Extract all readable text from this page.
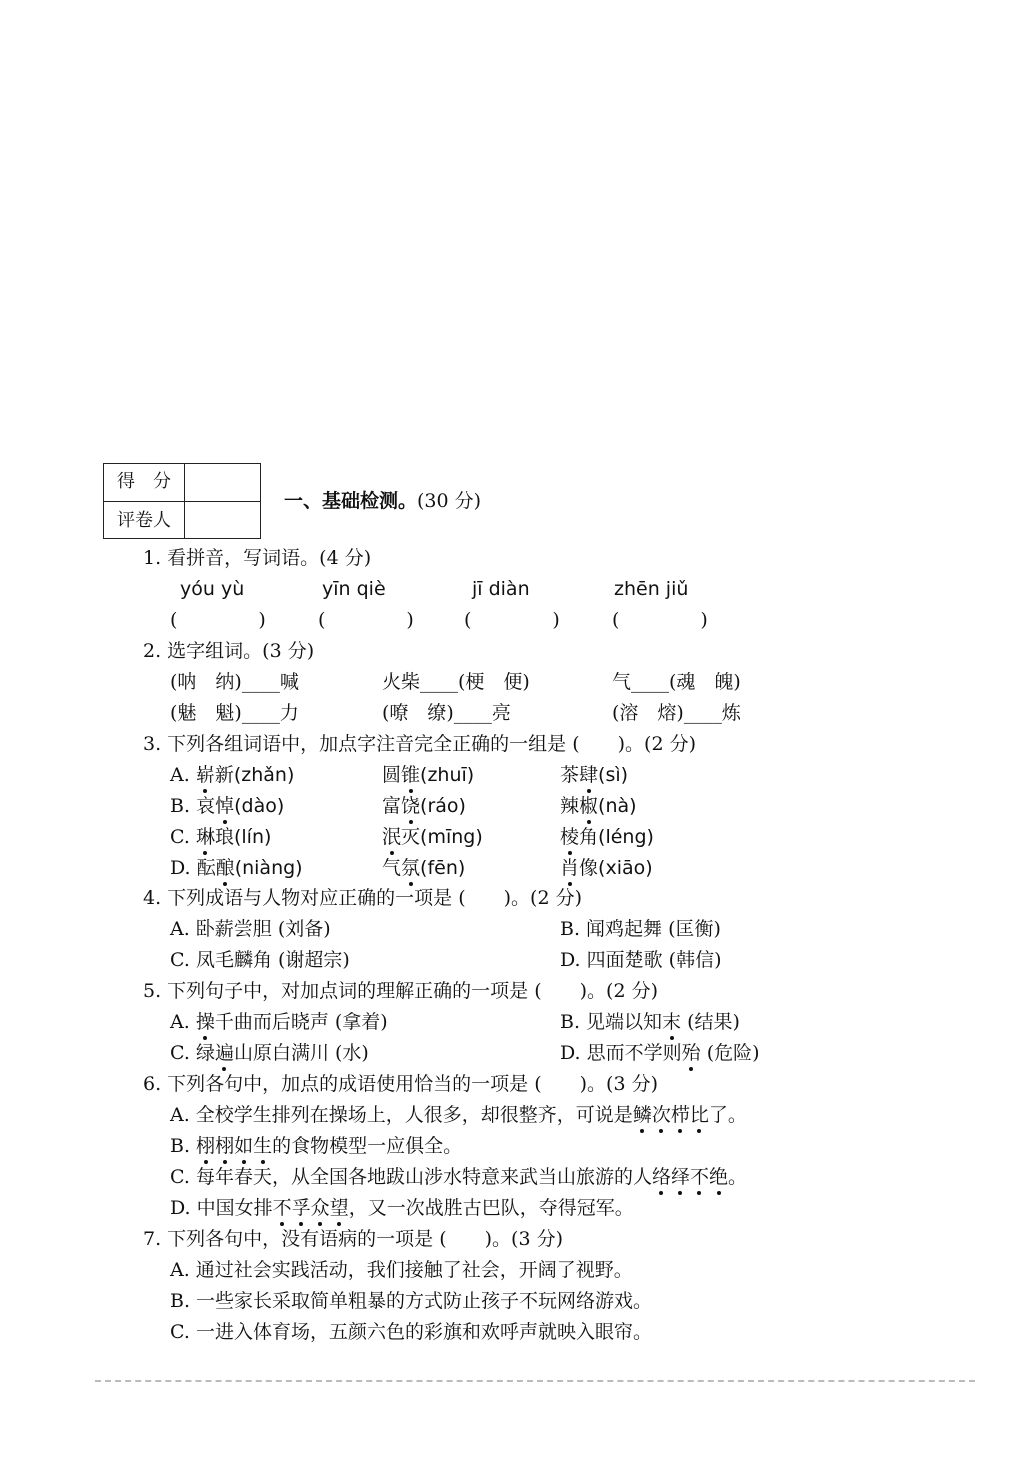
得　分
评卷人
一、基础检测。(30 分)
1. 看拼音，写词语。(4 分)
yóu yù	yīn qiè	jī diàn	zhēn jiǔ
(　　　) (　　　) (　　　) (　　　)
2. 选字组词。(3 分)
(呐　纳)____喊	火柴____(梗　便)	气____(魂　魄)
(魅　魁)____力	(嘹　缭)____亮	(溶　熔)____炼
3. 下列各组词语中，加点字注音完全正确的一组是 (　　)。(2 分)
A. 崭新(zhǎn)	圆锥(zhuī)	茶肆(sì)
B. 哀悼(dào)	富饶(ráo)	辣椒(nà)
C. 琳琅(lín)	泯灭(mīng)	棱角(léng)
D. 酝酿(niàng)	气氛(fēn)	肖像(xiāo)
4. 下列成语与人物对应正确的一项是 (　　)。(2 分)
A. 卧薪尝胆 (刘备)	B. 闻鸡起舞 (匡衡)
C. 凤毛麟角 (谢超宗)	D. 四面楚歌 (韩信)
5. 下列句子中，对加点词的理解正确的一项是 (　　)。(2 分)
A. 操千曲而后晓声 (拿着)	B. 见端以知末 (结果)
C. 绿遍山原白满川 (水)	D. 思而不学则殆 (危险)
6. 下列各句中，加点的成语使用恰当的一项是 (　　)。(3 分)
A. 全校学生排列在操场上，人很多，却很整齐，可说是鳞次栉比了。
B. 栩栩如生的食物模型一应俱全。
C. 每年春天，从全国各地跋山涉水特意来武当山旅游的人络绎不绝。
D. 中国女排不孚众望，又一次战胜古巴队，夺得冠军。
7. 下列各句中，没有语病的一项是 (　　)。(3 分)
A. 通过社会实践活动，我们接触了社会，开阔了视野。
B. 一些家长采取简单粗暴的方式防止孩子不玩网络游戏。
C. 一进入体育场，五颜六色的彩旗和欢呼声就映入眼帘。
